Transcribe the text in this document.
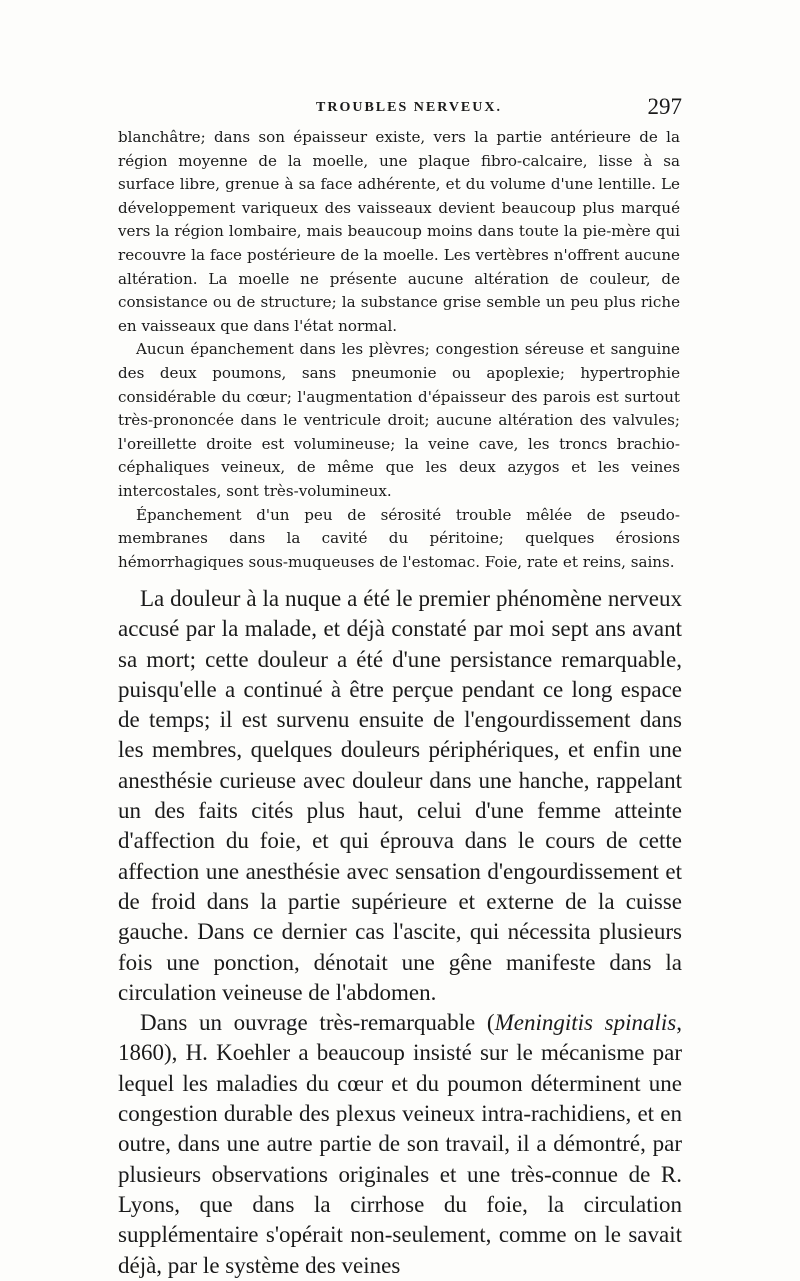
TROUBLES NERVEUX.	297

blanchâtre; dans son épaisseur existe, vers la partie antérieure de la région moyenne de la moelle, une plaque fibro-calcaire, lisse à sa surface libre, grenue à sa face adhérente, et du volume d'une lentille. Le développement variqueux des vaisseaux devient beaucoup plus marqué vers la région lombaire, mais beaucoup moins dans toute la pie-mère qui recouvre la face postérieure de la moelle. Les vertèbres n'offrent aucune altération. La moelle ne présente aucune altération de couleur, de consistance ou de structure; la substance grise semble un peu plus riche en vaisseaux que dans l'état normal.

Aucun épanchement dans les plèvres; congestion séreuse et sanguine des deux poumons, sans pneumonie ou apoplexie; hypertrophie considérable du cœur; l'augmentation d'épaisseur des parois est surtout très-prononcée dans le ventricule droit; aucune altération des valvules; l'oreillette droite est volumineuse; la veine cave, les troncs brachio-céphaliques veineux, de même que les deux azygos et les veines intercostales, sont très-volumineux.

Épanchement d'un peu de sérosité trouble mêlée de pseudo-membranes dans la cavité du péritoine; quelques érosions hémorrhagiques sous-muqueuses de l'estomac. Foie, rate et reins, sains.

La douleur à la nuque a été le premier phénomène nerveux accusé par la malade, et déjà constaté par moi sept ans avant sa mort; cette douleur a été d'une persistance remarquable, puisqu'elle a continué à être perçue pendant ce long espace de temps; il est survenu ensuite de l'engourdissement dans les membres, quelques douleurs périphériques, et enfin une anesthésie curieuse avec douleur dans une hanche, rappelant un des faits cités plus haut, celui d'une femme atteinte d'affection du foie, et qui éprouva dans le cours de cette affection une anesthésie avec sensation d'engourdissement et de froid dans la partie supérieure et externe de la cuisse gauche. Dans ce dernier cas l'ascite, qui nécessita plusieurs fois une ponction, dénotait une gêne manifeste dans la circulation veineuse de l'abdomen.

Dans un ouvrage très-remarquable (Meningitis spinalis, 1860), H. Koehler a beaucoup insisté sur le mécanisme par lequel les maladies du cœur et du poumon déterminent une congestion durable des plexus veineux intra-rachidiens, et en outre, dans une autre partie de son travail, il a démontré, par plusieurs observations originales et une très-connue de R. Lyons, que dans la cirrhose du foie, la circulation supplémentaire s'opérait non-seulement, comme on le savait déjà, par le système des veines
